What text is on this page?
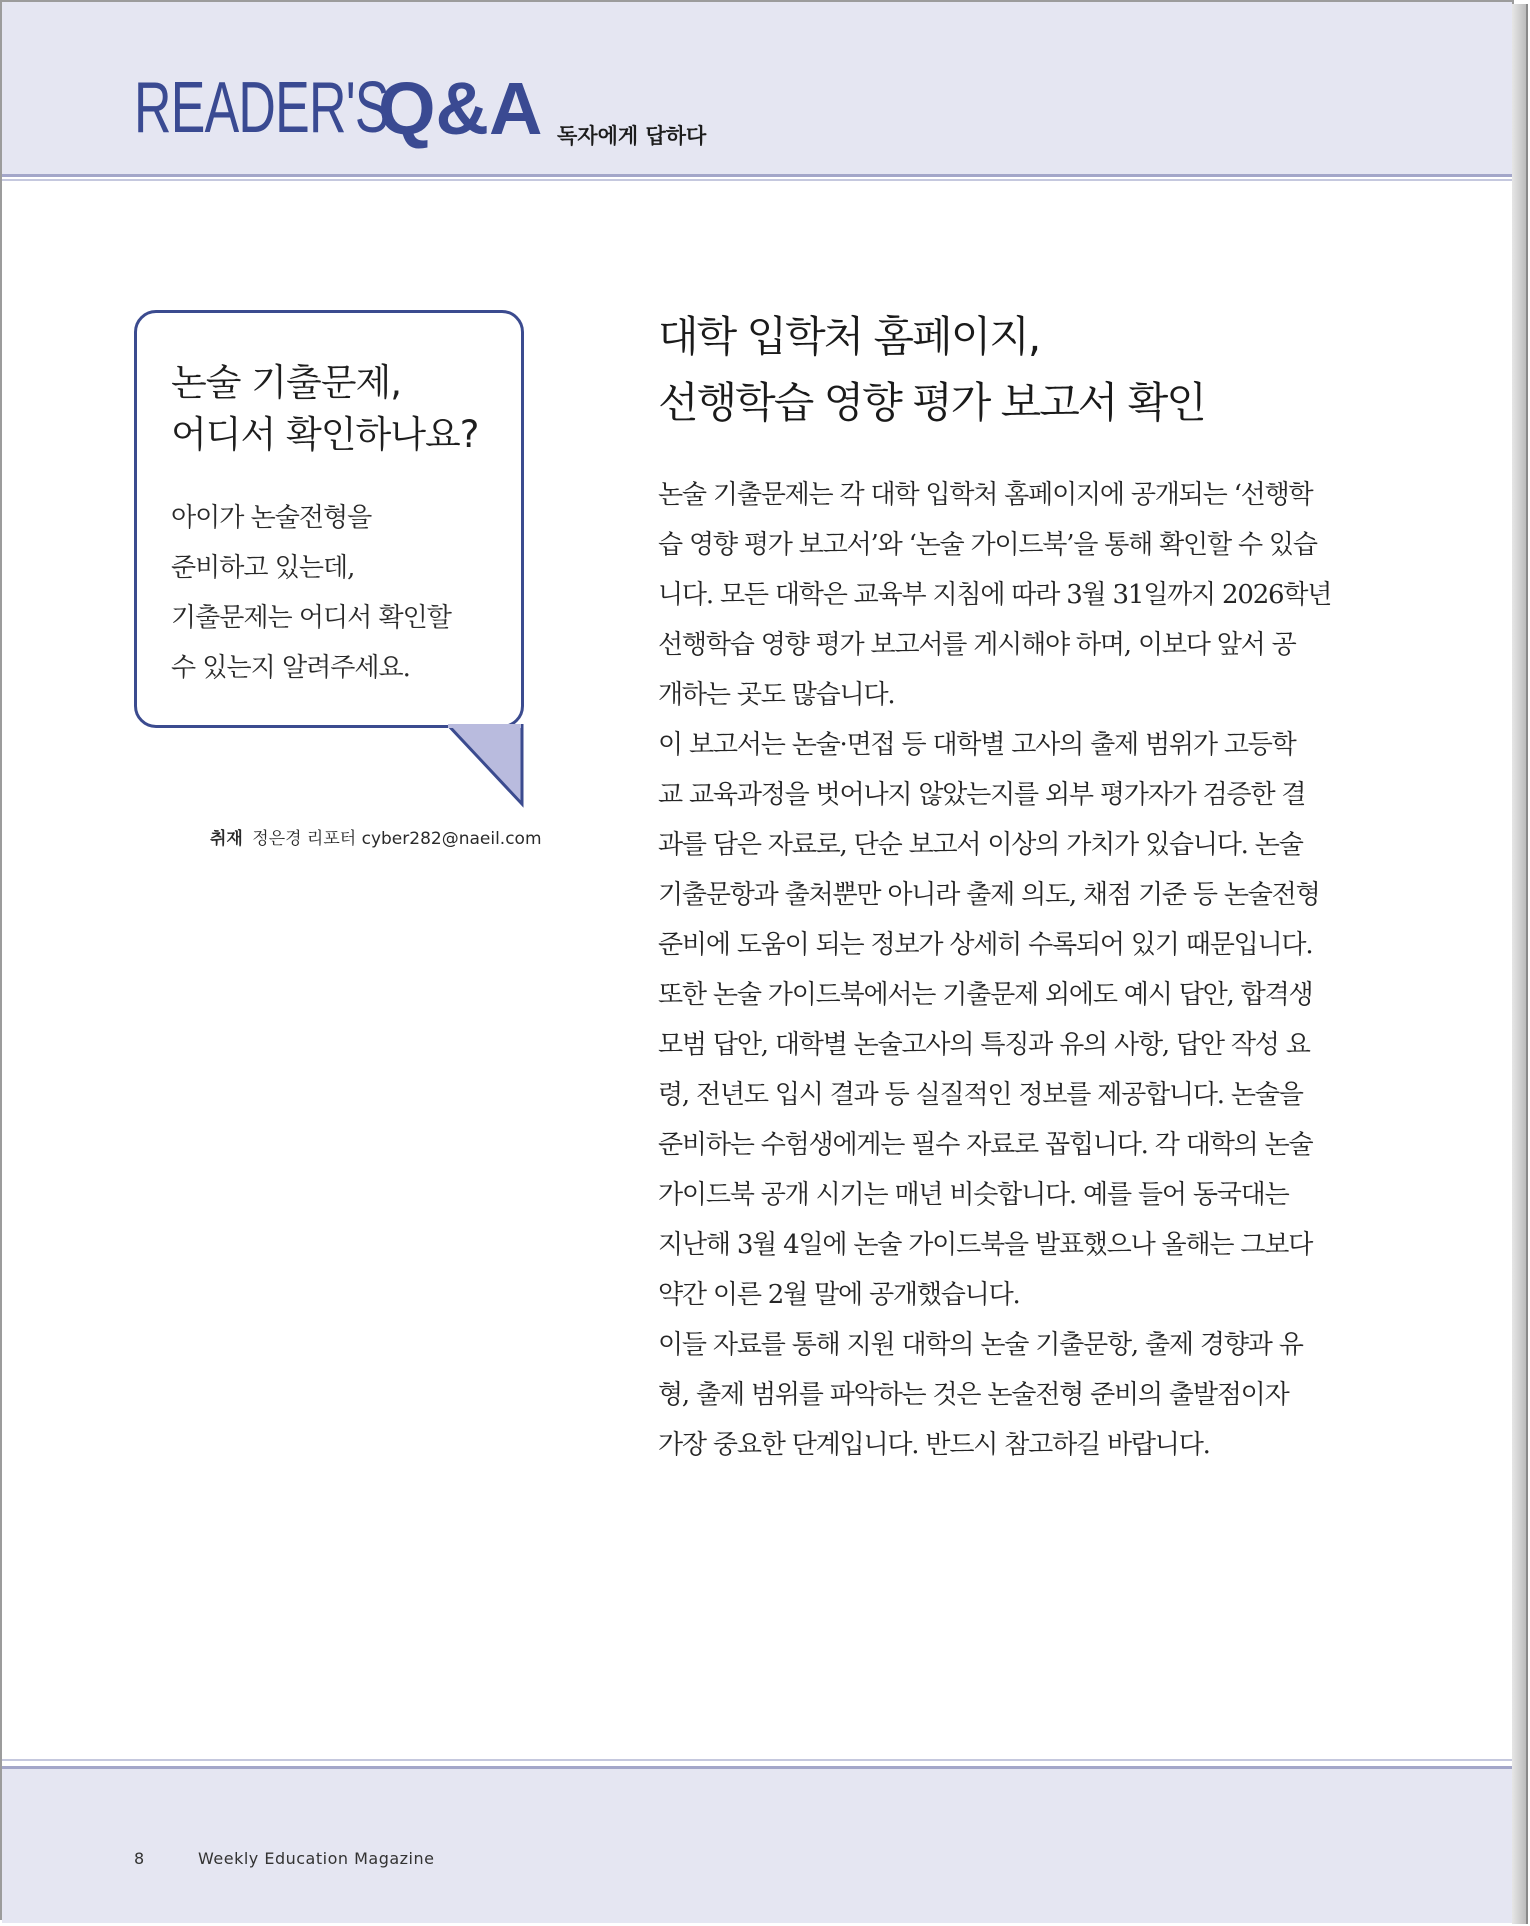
READER'S
Q&A 독자에게 답하다
논술 기출문제,
어디서 확인하나요?
아이가 논술전형을
준비하고 있는데,
기출문제는 어디서 확인할
수 있는지 알려주세요.
취재 정은경 리포터 cyber282@naeil.com
대학 입학처 홈페이지,
선행학습 영향 평가 보고서 확인
논술 기출문제는 각 대학 입학처 홈페이지에 공개되는 ‘선행학
습 영향 평가 보고서’와 ‘논술 가이드북’을 통해 확인할 수 있습
니다. 모든 대학은 교육부 지침에 따라 3월 31일까지 2026학년
선행학습 영향 평가 보고서를 게시해야 하며, 이보다 앞서 공
개하는 곳도 많습니다.
이 보고서는 논술·면접 등 대학별 고사의 출제 범위가 고등학
교 교육과정을 벗어나지 않았는지를 외부 평가자가 검증한 결
과를 담은 자료로, 단순 보고서 이상의 가치가 있습니다. 논술
기출문항과 출처뿐만 아니라 출제 의도, 채점 기준 등 논술전형
준비에 도움이 되는 정보가 상세히 수록되어 있기 때문입니다.
또한 논술 가이드북에서는 기출문제 외에도 예시 답안, 합격생
모범 답안, 대학별 논술고사의 특징과 유의 사항, 답안 작성 요
령, 전년도 입시 결과 등 실질적인 정보를 제공합니다. 논술을
준비하는 수험생에게는 필수 자료로 꼽힙니다. 각 대학의 논술
가이드북 공개 시기는 매년 비슷합니다. 예를 들어 동국대는
지난해 3월 4일에 논술 가이드북을 발표했으나 올해는 그보다
약간 이른 2월 말에 공개했습니다.
이들 자료를 통해 지원 대학의 논술 기출문항, 출제 경향과 유
형, 출제 범위를 파악하는 것은 논술전형 준비의 출발점이자
가장 중요한 단계입니다. 반드시 참고하길 바랍니다.
8	Weekly Education Magazine
